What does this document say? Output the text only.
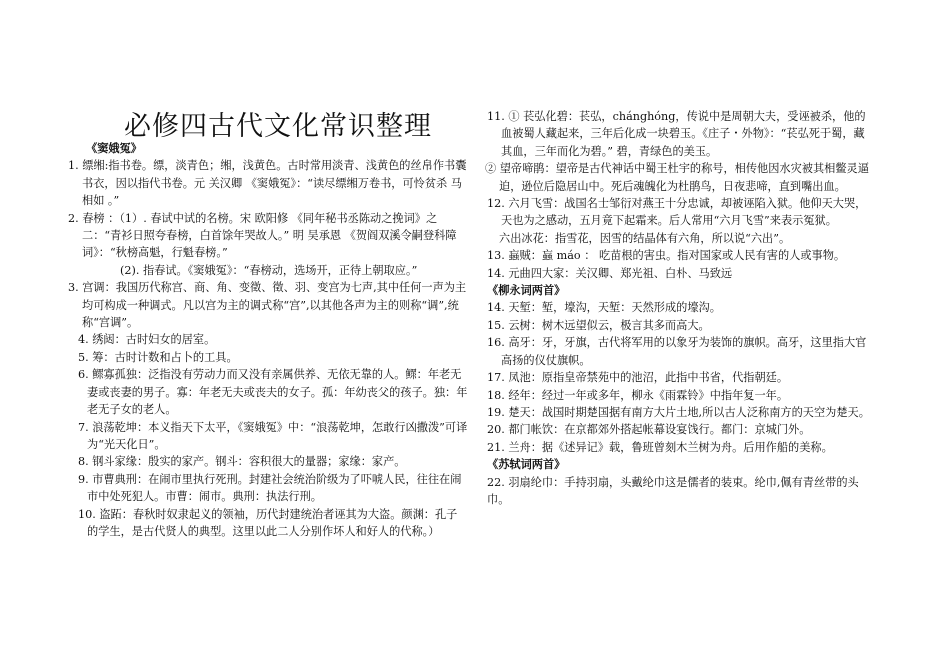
必修四古代文化常识整理

《窦娥冤》

1. 缥缃:指书卷。缥，淡青色；缃，浅黄色。古时常用淡青、浅黄色的丝帛作书囊书衣，因以指代书卷。元 关汉卿 《窦娥冤》：“读尽缥缃万卷书，可怜贫杀 马相如 。”

2. 春榜 ：（1）. 春试中试的名榜。宋 欧阳修 《同年秘书丞陈动之挽词》之二：“青衫日照夸春榜，白首馀年哭故人。” 明 吴承恩 《贺阎双溪令嗣登科障词》：“秋榜高魁，行魁春榜。”

(2). 指春试。《窦娥冤》：“春榜动，选场开，正待上朝取应。”

3. 宫调：我国历代称宫、商、角、变徵、徵、羽、变宫为七声,其中任何一声为主均可构成一种调式。凡以宫为主的调式称“宫”,以其他各声为主的则称“调”,统称“宫调”。

4. 绣闼：古时妇女的居室。

5. 筹：古时计数和占卜的工具。

6. 鳏寡孤独：泛指没有劳动力而又没有亲属供养、无依无靠的人。鳏：年老无妻或丧妻的男子。寡：年老无夫或丧夫的女子。孤：年幼丧父的孩子。独：年老无子女的老人。

7. 浪荡乾坤：本义指天下太平，《窦娥冤》中：“浪荡乾坤，怎敢行凶撒泼”可译为“光天化日”。

8. 钢斗家缘：殷实的家产。钢斗：容积很大的量器；家缘：家产。

9. 市曹典刑：在闹市里执行死刑。封建社会统治阶级为了吓唬人民，往往在闹市中处死犯人。市曹：闹市。典刑：执法行刑。

10. 盗跖：春秋时奴隶起义的领袖，历代封建统治者诬其为大盗。颜渊：孔子的学生，是古代贤人的典型。这里以此二人分别作坏人和好人的代称。）

11. ① 苌弘化碧：苌弘，chánghóng，传说中是周朝大夫，受诬被杀，他的血被蜀人藏起来，三年后化成一块碧玉。《庄子・外物》：“苌弘死于蜀，藏其血，三年而化为碧。” 碧，青绿色的美玉。

② 望帝啼鹃：望帝是古代神话中蜀王杜宇的称号，相传他因水灾被其相鳖灵逼迫，逊位后隐居山中。死后魂魄化为杜鹃鸟，日夜悲啼，直到嘴出血。

12. 六月飞雪：战国名士邹衍对燕王十分忠诚，却被诬陷入狱。他仰天大哭，天也为之感动，五月竟下起霜来。后人常用“六月飞雪”来表示冤狱。

六出冰花：指雪花，因雪的结晶体有六角，所以说“六出”。

13. 蝱贼：蝱 máo ： 吃苗根的害虫。指对国家或人民有害的人或事物。

14. 元曲四大家：关汉卿、郑光祖、白朴、马致远

《柳永词两首》

14. 天堑：堑，壕沟，天堑：天然形成的壕沟。

15. 云树：树木远望似云，极言其多而高大。

16. 高牙：牙，牙旗，古代将军用的以象牙为装饰的旗帜。高牙，这里指大官高扬的仪仗旗帜。

17. 凤池：原指皇帝禁苑中的池沼，此指中书省，代指朝廷。

18. 经年：经过一年或多年，柳永《雨霖铃》中指年复一年。

19. 楚天：战国时期楚国据有南方大片土地,所以古人泛称南方的天空为楚天。

20. 都门帐饮：在京都郊外搭起帐幕设宴饯行。都门：京城门外。

21. 兰舟：据《述异记》载，鲁班曾刻木兰树为舟。后用作船的美称。

《苏轼词两首》

22. 羽扇纶巾：手持羽扇，头戴纶巾这是儒者的装束。纶巾,佩有青丝带的头巾。
